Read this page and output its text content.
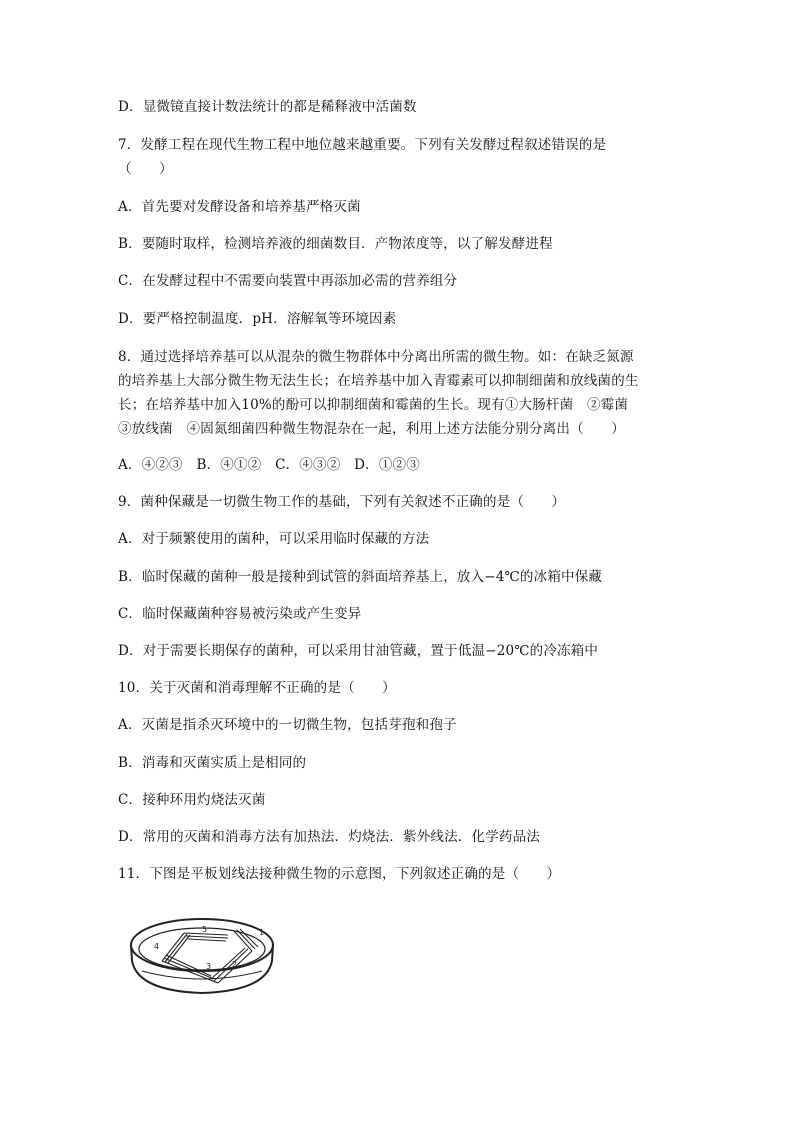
D．显微镜直接计数法统计的都是稀释液中活菌数
7．发酵工程在现代生物工程中地位越来越重要。下列有关发酵过程叙述错误的是
（　　）
A．首先要对发酵设备和培养基严格灭菌
B．要随时取样，检测培养液的细菌数目．产物浓度等，以了解发酵进程
C．在发酵过程中不需要向装置中再添加必需的营养组分
D．要严格控制温度．pH．溶解氧等环境因素
8．通过选择培养基可以从混杂的微生物群体中分离出所需的微生物。如：在缺乏氮源
的培养基上大部分微生物无法生长；在培养基中加入青霉素可以抑制细菌和放线菌的生
长；在培养基中加入10%的酚可以抑制细菌和霉菌的生长。现有①大肠杆菌　②霉菌
③放线菌　④固氮细菌四种微生物混杂在一起，利用上述方法能分别分离出（　　）
A．④②③　B．④①②　C．④③②　D．①②③
9．菌种保藏是一切微生物工作的基础，下列有关叙述不正确的是（　　）
A．对于频繁使用的菌种，可以采用临时保藏的方法
B．临时保藏的菌种一般是接种到试管的斜面培养基上，放入−4℃的冰箱中保藏
C．临时保藏菌种容易被污染或产生变异
D．对于需要长期保存的菌种，可以采用甘油管藏，置于低温−20℃的冷冻箱中
10．关于灭菌和消毒理解不正确的是（　　）
A．灭菌是指杀灭环境中的一切微生物，包括芽孢和孢子
B．消毒和灭菌实质上是相同的
C．接种环用灼烧法灭菌
D．常用的灭菌和消毒方法有加热法．灼烧法．紫外线法．化学药品法
11．下图是平板划线法接种微生物的示意图，下列叙述正确的是（　　）
1
2
3
4
5
